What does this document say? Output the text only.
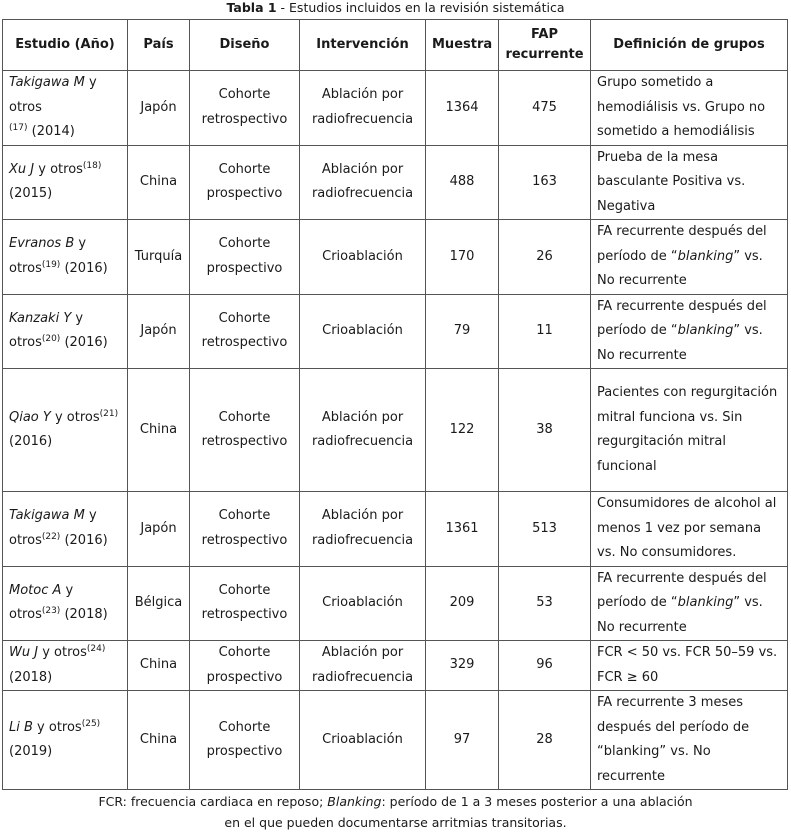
Tabla 1 - Estudios incluidos en la revisión sistemática
Estudio (Año)	País	Diseño	Intervención	Muestra	FAP recurrente	Definición de grupos
Takigawa M y otros
$^{(17)}$ (2014)	Japón	Cohorte retrospectivo	Ablación por radiofrecuencia	1364	475	Grupo sometido a hemodiálisis vs. Grupo no sometido a hemodiálisis
Xu J y otros$^{(18)}$
(2015)	China	Cohorte prospectivo	Ablación por radiofrecuencia	488	163	Prueba de la mesa basculante Positiva vs. Negativa
Evranos B y otros$^{(19)}$ (2016)	Turquía	Cohorte prospectivo	Crioablación	170	26	FA recurrente después del período de “blanking” vs. No recurrente
Kanzaki Y y otros$^{(20)}$ (2016)	Japón	Cohorte retrospectivo	Crioablación	79	11	FA recurrente después del período de “blanking” vs. No recurrente
Qiao Y y otros$^{(21)}$ (2016)	China	Cohorte retrospectivo	Ablación por radiofrecuencia	122	38	Pacientes con regurgitación mitral funciona vs. Sin regurgitación mitral funcional
Takigawa M y otros$^{(22)}$ (2016)	Japón	Cohorte retrospectivo	Ablación por radiofrecuencia	1361	513	Consumidores de alcohol al menos 1 vez por semana vs. No consumidores.
Motoc A y otros$^{(23)}$ (2018)	Bélgica	Cohorte retrospectivo	Crioablación	209	53	FA recurrente después del período de “blanking” vs. No recurrente
Wu J y otros$^{(24)}$
(2018)	China	Cohorte prospectivo	Ablación por radiofrecuencia	329	96	FCR < 50 vs. FCR 50–59 vs. FCR ≥ 60
Li B y otros$^{(25)}$
(2019)	China	Cohorte prospectivo	Crioablación	97	28	FA recurrente 3 meses después del período de “blanking” vs. No recurrente
FCR: frecuencia cardiaca en reposo; Blanking: período de 1 a 3 meses posterior a una ablación
en el que pueden documentarse arritmias transitorias.
